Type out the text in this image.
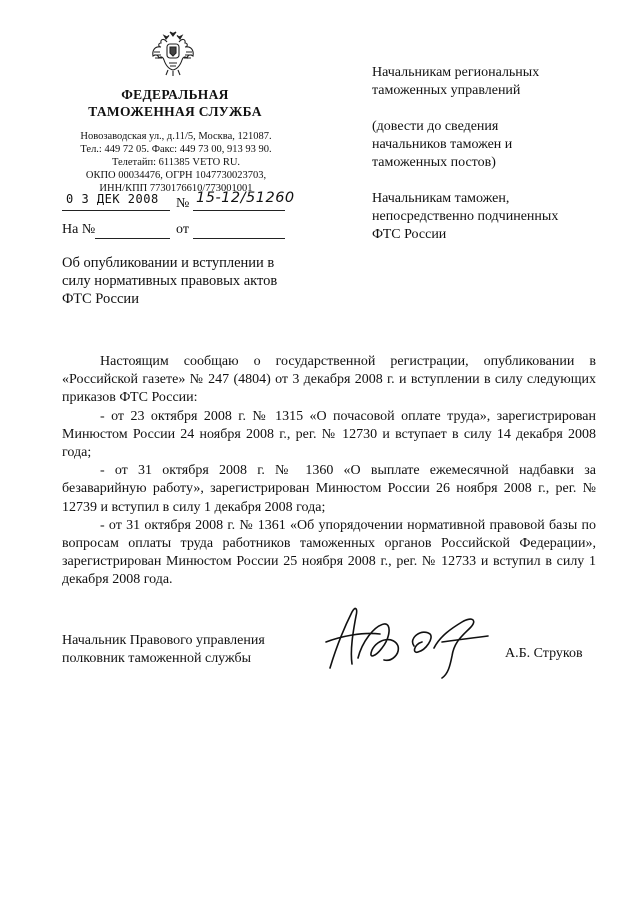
ФЕДЕРАЛЬНАЯ
ТАМОЖЕННАЯ СЛУЖБА
Новозаводская ул., д.11/5, Москва, 121087.
Тел.: 449 72 05. Факс: 449 73 00, 913 93 90.
Телетайп: 611385 VETO RU.
ОКПО 00034476, ОГРН 1047730023703,
ИНН/КПП 7730176610/773001001
0 3 ДЕК 2008 № 15-12/51260
На №	от
Начальникам региональных
таможенных управлений
(довести до сведения
начальников таможен и
таможенных постов)
Начальникам таможен,
непосредственно подчиненных
ФТС России
Об опубликовании и вступлении в
силу нормативных правовых актов
ФТС России

Настоящим сообщаю о государственной регистрации, опубликовании в «Российской газете» № 247 (4804) от 3 декабря 2008 г. и вступлении в силу следующих приказов ФТС России:

- от 23 октября 2008 г. № 1315 «О почасовой оплате труда», зарегистрирован Минюстом России 24 ноября 2008 г., рег. № 12730 и вступает в силу 14 декабря 2008 года;

- от 31 октября 2008 г. № 1360 «О выплате ежемесячной надбавки за безаварийную работу», зарегистрирован Минюстом России 26 ноября 2008 г., рег. № 12739 и вступил в силу 1 декабря 2008 года;

- от 31 октября 2008 г. № 1361 «Об упорядочении нормативной правовой базы по вопросам оплаты труда работников таможенных органов Российской Федерации», зарегистрирован Минюстом России 25 ноября 2008 г., рег. № 12733 и вступил в силу 1 декабря 2008 года.

Начальник Правового управления
полковник таможенной службы	А.Б. Струков
